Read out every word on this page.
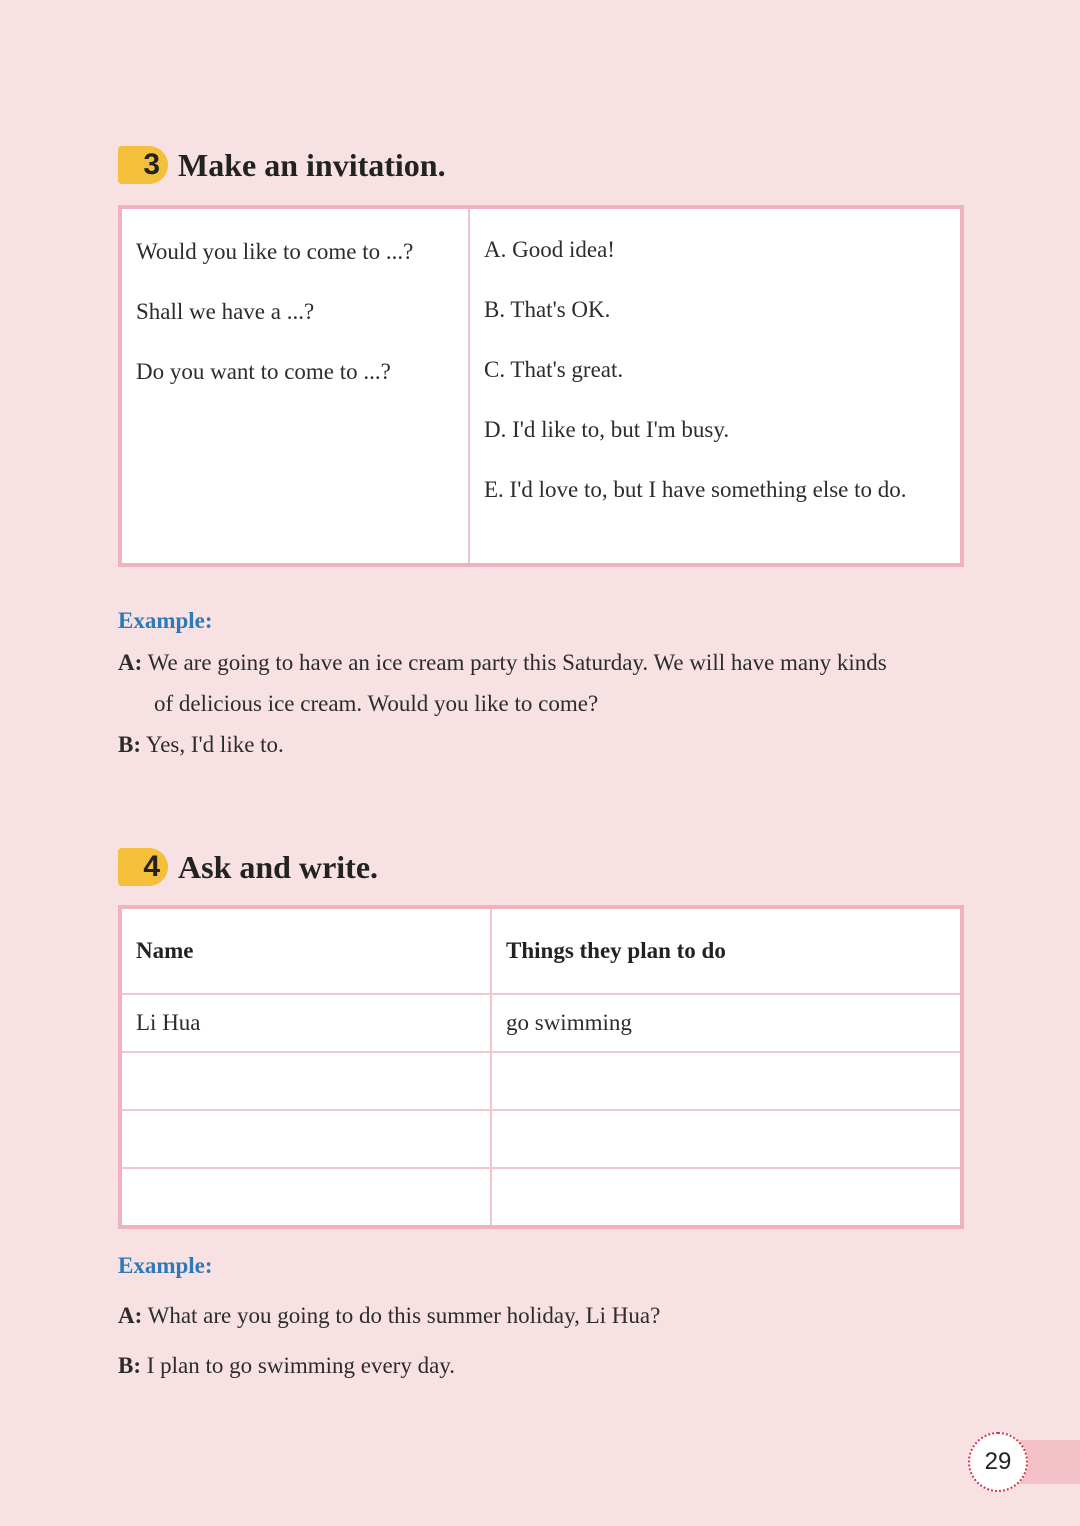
3 Make an invitation.
Would you like to come to ...?
Shall we have a ...?
Do you want to come to ...?
A. Good idea!
B. That's OK.
C. That's great.
D. I'd like to, but I'm busy.
E. I'd love to, but I have something else to do.
Example:
A: We are going to have an ice cream party this Saturday. We will have many kinds
of delicious ice cream. Would you like to come?
B: Yes, I'd like to.
4 Ask and write.
Name	Things they plan to do
Li Hua	go swimming

Example:
A: What are you going to do this summer holiday, Li Hua?
B: I plan to go swimming every day.
29
